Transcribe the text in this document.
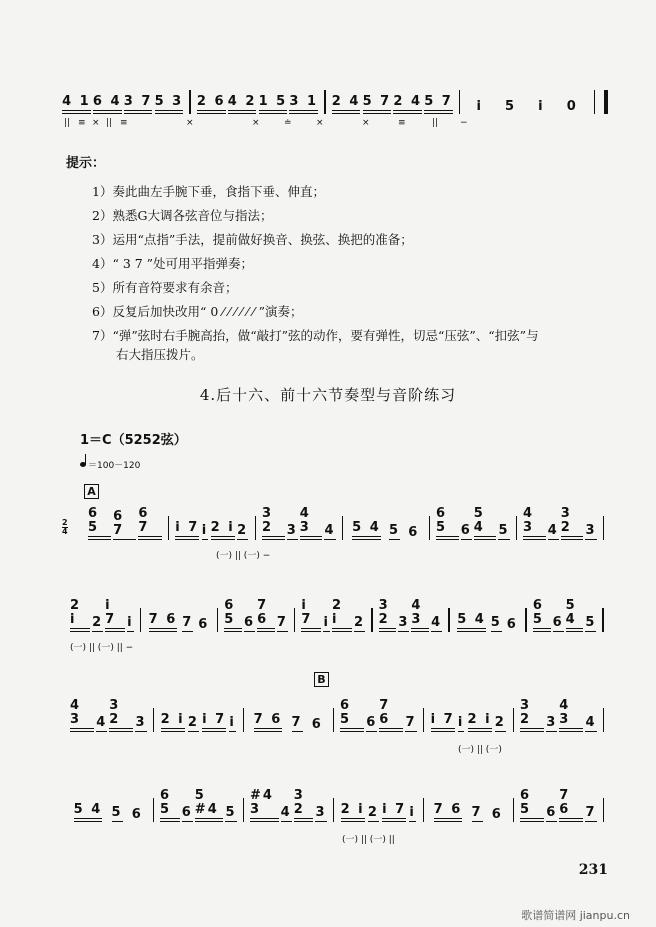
4 1 6 4 3 7 5 3 2 6 4 2 1 5 3 1 2 4 5 7 2 4 5 7 i 5 i 0
|| ≡ × || ≡	×	×	≐	×	×	≡	|| −
提示：
1）奏此曲左手腕下垂，食指下垂、伸直；
2）熟悉G大调各弦音位与指法；
3）运用“点指”手法，提前做好换音、换弦、换把的准备；
4）“ 3 7 ”处可用平指弹奏；
5）所有音符要求有余音；
6）反复后加快改用“ 0 ⁄ ⁄ ⁄ ⁄ ⁄ ⁄ ”演奏；
7）“弹”弦时右手腕高抬，做“敲打”弦的动作，要有弹性，切忌“压弦”、“扣弦”与
右大指压拨片。
4.后十六、前十六节奏型与音阶练习
1＝C（5252弦）
＝100－120
A
2
4
6 5
6 7
6 7	i 7 i 2 i 2
3 2	3
4 3	4 5 4 5 6
6 5	6
5 4	5
4 3	4
3 2	3
(一) || (一) −
2 i	2
i 7 i 7 6 7 6
6 5 6
7 6 7
i 7 i
2 i	2
3 2 3
4 3 4 5 4 5 6
6 5 6
5 4 5
(一) || (一) || −
B
4 3	4
3 2	3 2 i 2 i 7 i 7 6 7 6
6 5	6
7 6	7 i 7 i 2 i 2
3 2	3
4 3	4
(一) || (一)
5 4 5 6
6 5 6
5 #4 5
#4 3	4
3 2 3 2 i 2 i 7 i 7 6 7 6
6 5	6
7 6	7
(一) || (一) ||
231
歌谱简谱网 jianpu.cn
